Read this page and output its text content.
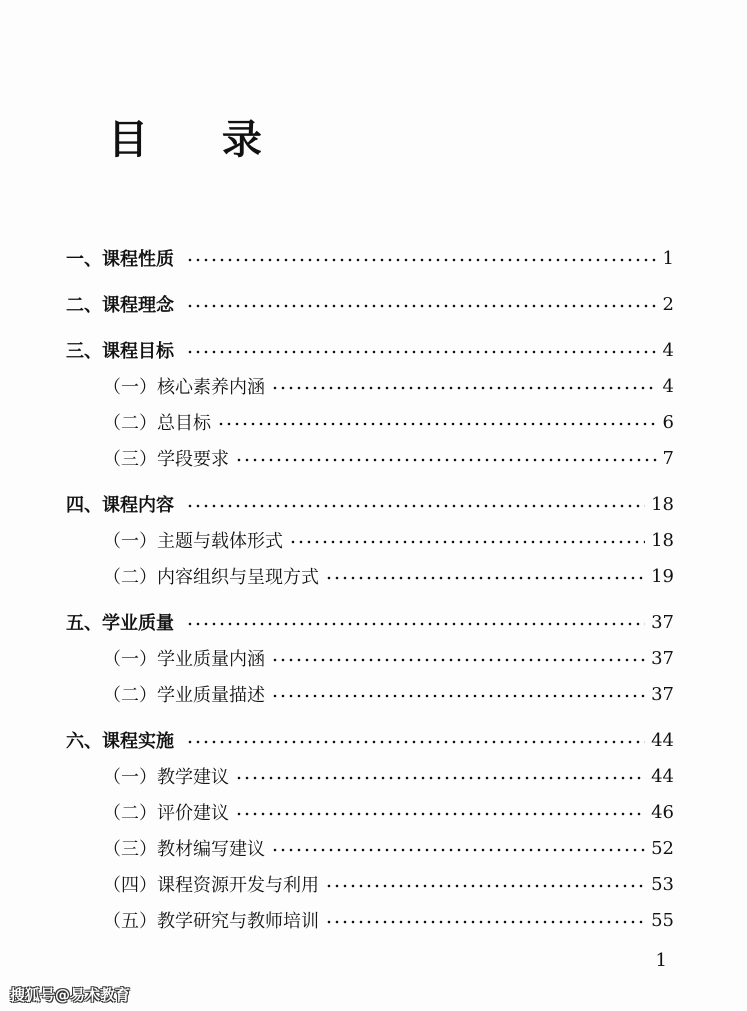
目 录
一、课程性质	1
二、课程理念	2
三、课程目标	4
（一）核心素养内涵	4
（二）总目标	6
（三）学段要求	7
四、课程内容	18
（一）主题与载体形式	18
（二）内容组织与呈现方式	19
五、学业质量	37
（一）学业质量内涵	37
（二）学业质量描述	37
六、课程实施	44
（一）教学建议	44
（二）评价建议	46
（三）教材编写建议	52
（四）课程资源开发与利用	53
（五）教学研究与教师培训	55
1
搜狐号@易术教育
